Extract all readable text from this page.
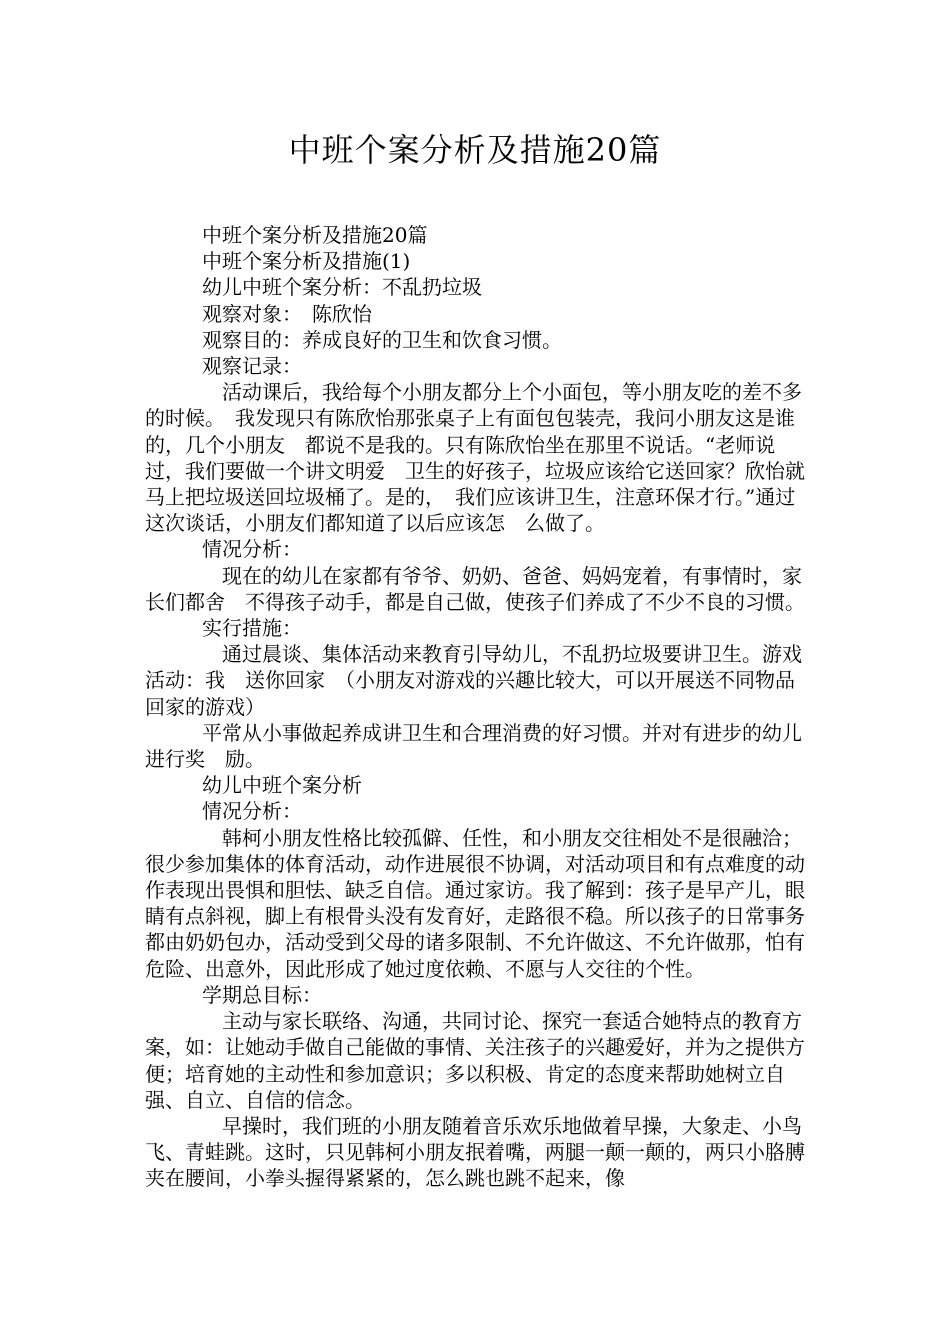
中班个案分析及措施20篇

中班个案分析及措施20篇

中班个案分析及措施(1)

幼儿中班个案分析：不乱扔垃圾

观察对象：　陈欣怡

观察目的：养成良好的卫生和饮食习惯。

观察记录：

　活动课后，我给每个小朋友都分上个小面包，等小朋友吃的差不多的时候。　我发现只有陈欣怡那张桌子上有面包包装壳，我问小朋友这是谁的，几个小朋友　都说不是我的。只有陈欣怡坐在那里不说话。“老师说过，我们要做一个讲文明爱　卫生的好孩子，垃圾应该给它送回家？欣怡就马上把垃圾送回垃圾桶了。是的，　我们应该讲卫生，注意环保才行。”通过这次谈话，小朋友们都知道了以后应该怎　么做了。

情况分析：

　现在的幼儿在家都有爷爷、奶奶、爸爸、妈妈宠着，有事情时，家长们都舍　不得孩子动手，都是自己做，使孩子们养成了不少不良的习惯。

实行措施：

　通过晨谈、集体活动来教育引导幼儿，不乱扔垃圾要讲卫生。游戏活动：我　送你回家　（小朋友对游戏的兴趣比较大，可以开展送不同物品回家的游戏）

平常从小事做起养成讲卫生和合理消费的好习惯。并对有进步的幼儿进行奖　励。

幼儿中班个案分析

情况分析：

　韩柯小朋友性格比较孤僻、任性，和小朋友交往相处不是很融洽；很少参加集体的体育活动，动作进展很不协调，对活动项目和有点难度的动作表现出畏惧和胆怯、缺乏自信。通过家访。我了解到：孩子是早产儿，眼睛有点斜视，脚上有根骨头没有发育好，走路很不稳。所以孩子的日常事务都由奶奶包办，活动受到父母的诸多限制、不允许做这、不允许做那，怕有危险、出意外，因此形成了她过度依赖、不愿与人交往的个性。

学期总目标：

　主动与家长联络、沟通，共同讨论、探究一套适合她特点的教育方案，如：让她动手做自己能做的事情、关注孩子的兴趣爱好，并为之提供方便；培育她的主动性和参加意识；多以积极、肯定的态度来帮助她树立自强、自立、自信的信念。

　早操时，我们班的小朋友随着音乐欢乐地做着早操，大象走、小鸟飞、青蛙跳。这时，只见韩柯小朋友抿着嘴，两腿一颠一颠的，两只小胳膊夹在腰间，小拳头握得紧紧的，怎么跳也跳不起来，像
